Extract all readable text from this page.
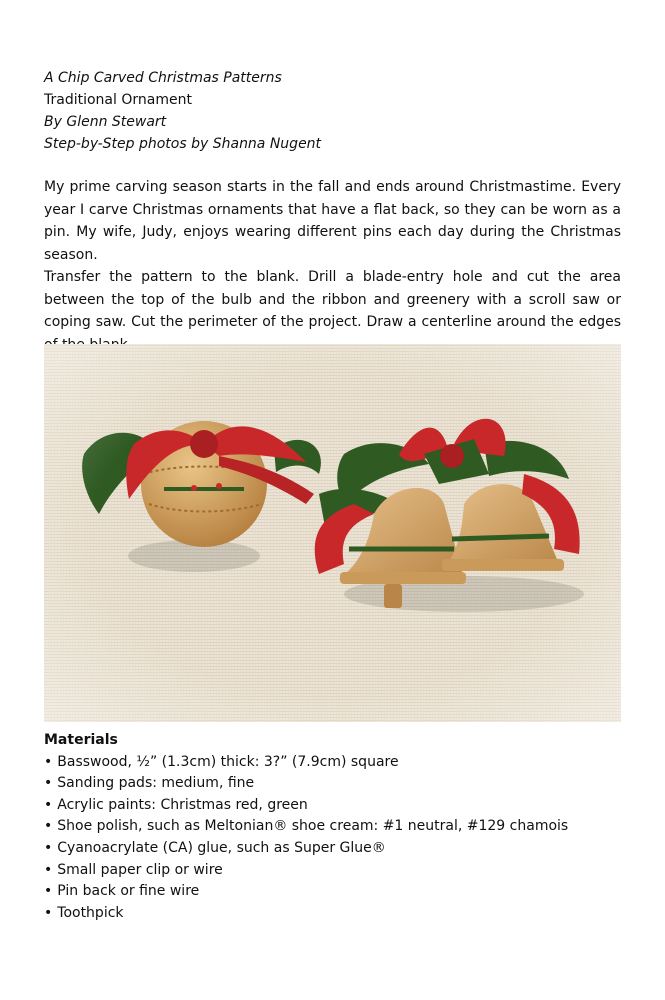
A Chip Carved Christmas Patterns
Traditional Ornament
By Glenn Stewart
Step-by-Step photos by Shanna Nugent

My prime carving season starts in the fall and ends around Christmastime. Every year I carve Christmas ornaments that have a flat back, so they can be worn as a pin. My wife, Judy, enjoys wearing different pins each day during the Christmas season.

Transfer the pattern to the blank. Drill a blade-entry hole and cut the area between the top of the bulb and the ribbon and greenery with a scroll saw or coping saw. Cut the perimeter of the project. Draw a centerline around the edges

Materials
• Basswood, ½” (1.3cm) thick: 3?” (7.9cm) square
• Sanding pads: medium, fine
• Acrylic paints: Christmas red, green
• Shoe polish, such as Meltonian® shoe cream: #1 neutral, #129 chamois
• Cyanoacrylate (CA) glue, such as Super Glue®
• Small paper clip or wire
• Pin back or fine wire
• Toothpick
